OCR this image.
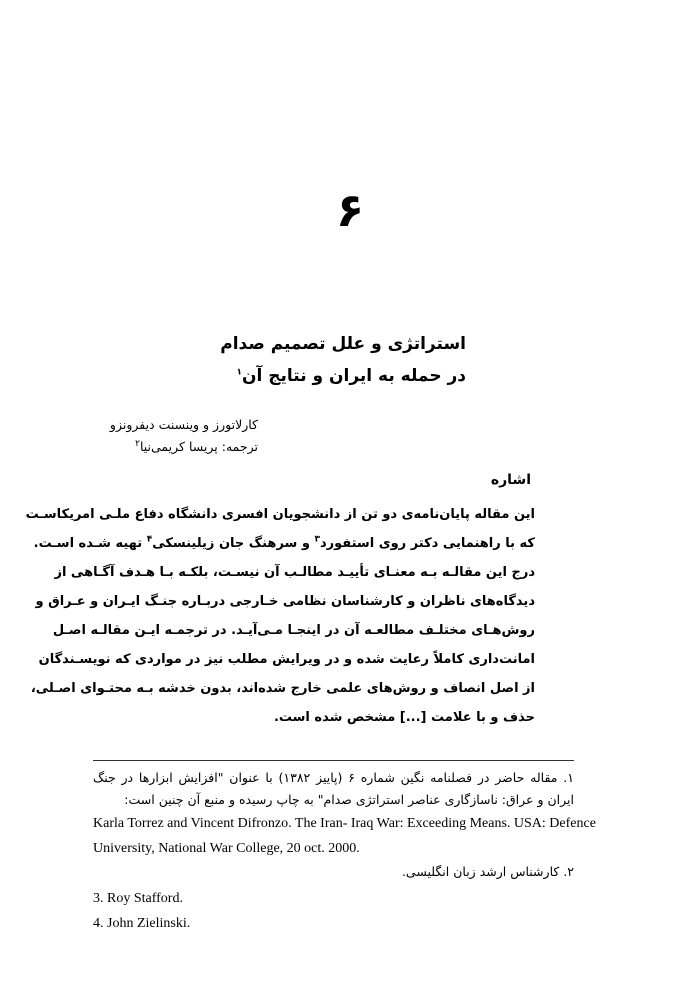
۶
استراتژی و علل تصمیم صدام
در حمله به ایران و نتایج آن$^۱$
کارلاتورز و وینسنت دیفرونزو
ترجمه: پریسا کریمی‌نیا$^۲$
اشاره
این مقاله پایان‌نامه‌ی دو تن از دانشجویان افسری دانشگاه دفاع ملـی امریکاسـت
که با راهنمایی دکتر روی استفورد$^۳$ و سرهنگ جان زیلینسکی$^۴$ تهیه شـده اسـت.
درج این مقالـه بـه معنـای تأییـد مطالـب آن نیسـت، بلکـه بـا هـدف آگـاهی از
دیدگاه‌های ناظران و کارشناسان نظامی خـارجی دربـاره جنـگ ایـران و عـراق و
روش‌هـای مختلـف مطالعـه آن در اینجـا مـی‌آیـد. در ترجمـه ایـن مقالـه اصـل
امانت‌داری کاملاً رعایت شده و در ویرایش مطلب نیز در مواردی که نویسـندگان
از اصل انصاف و روش‌های علمی خارج شده‌اند، بدون خدشه بـه محتـوای اصـلی،
حذف و با علامت [...] مشخص شده است.
۱. مقاله حاضر در فصلنامه نگین شماره ۶ (پاییز ۱۳۸۲) با عنوان "افزایش ابزارها در جنگ
ایران و عراق: ناسازگاری عناصر استراتژی صدام" به چاپ رسیده و منبع آن چنین است:
Karla Torrez and Vincent Difronzo. The Iran- Iraq War: Exceeding Means. USA: Defence
University, National War College, 20 oct. 2000.
۲. کارشناس ارشد زبان انگلیسی.
3. Roy Stafford.
4. John Zielinski.
